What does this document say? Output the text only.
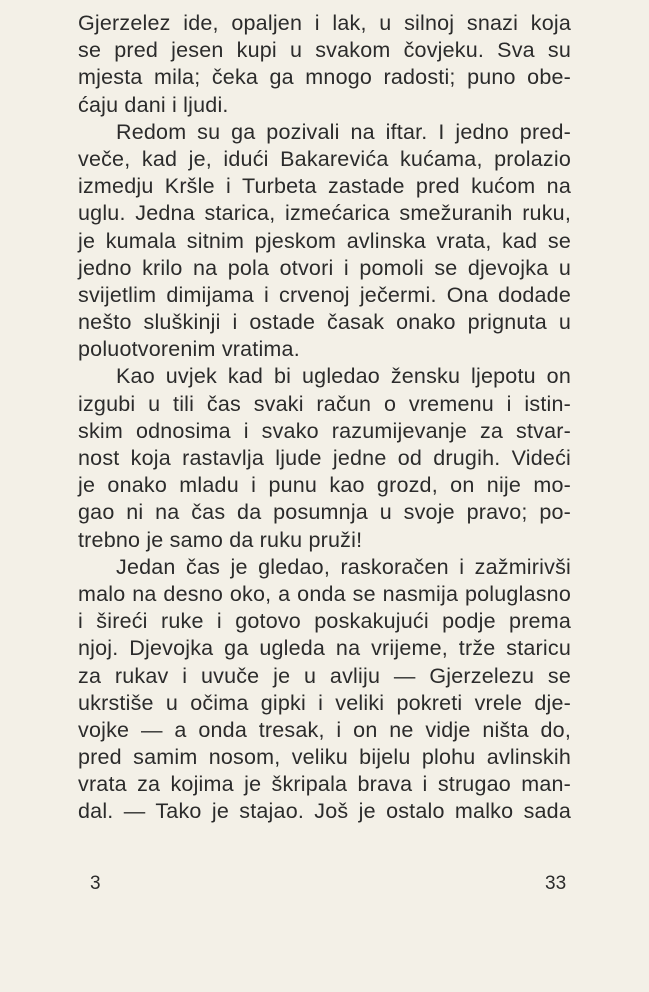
Gjerzelez ide, opaljen i lak, u silnoj snazi koja
se pred jesen kupi u svakom čovjeku. Sva su
mjesta mila; čeka ga mnogo radosti; puno obe-
ćaju dani i ljudi.
Redom su ga pozivali na iftar. I jedno pred-
veče, kad je, idući Bakarevića kućama, prolazio
izmedju Kršle i Turbeta zastade pred kućom na
uglu. Jedna starica, izmećarica smežuranih ruku,
je kumala sitnim pjeskom avlinska vrata, kad se
jedno krilo na pola otvori i pomoli se djevojka u
svijetlim dimijama i crvenoj ječermi. Ona dodade
nešto sluškinji i ostade časak onako prignuta u
poluotvorenim vratima.
Kao uvjek kad bi ugledao žensku ljepotu on
izgubi u tili čas svaki račun o vremenu i istin-
skim odnosima i svako razumijevanje za stvar-
nost koja rastavlja ljude jedne od drugih. Videći
je onako mladu i punu kao grozd, on nije mo-
gao ni na čas da posumnja u svoje pravo; po-
trebno je samo da ruku pruži!
Jedan čas je gledao, raskoračen i zažmirivši
malo na desno oko, a onda se nasmija poluglasno
i šireći ruke i gotovo poskakujući podje prema
njoj. Djevojka ga ugleda na vrijeme, trže staricu
za rukav i uvuče je u avliju — Gjerzelezu se
ukrstiše u očima gipki i veliki pokreti vrele dje-
vojke — a onda tresak, i on ne vidje ništa do,
pred samim nosom, veliku bijelu plohu avlinskih
vrata za kojima je škripala brava i strugao man-
dal. — Tako je stajao. Još je ostalo malko sada
3	33
